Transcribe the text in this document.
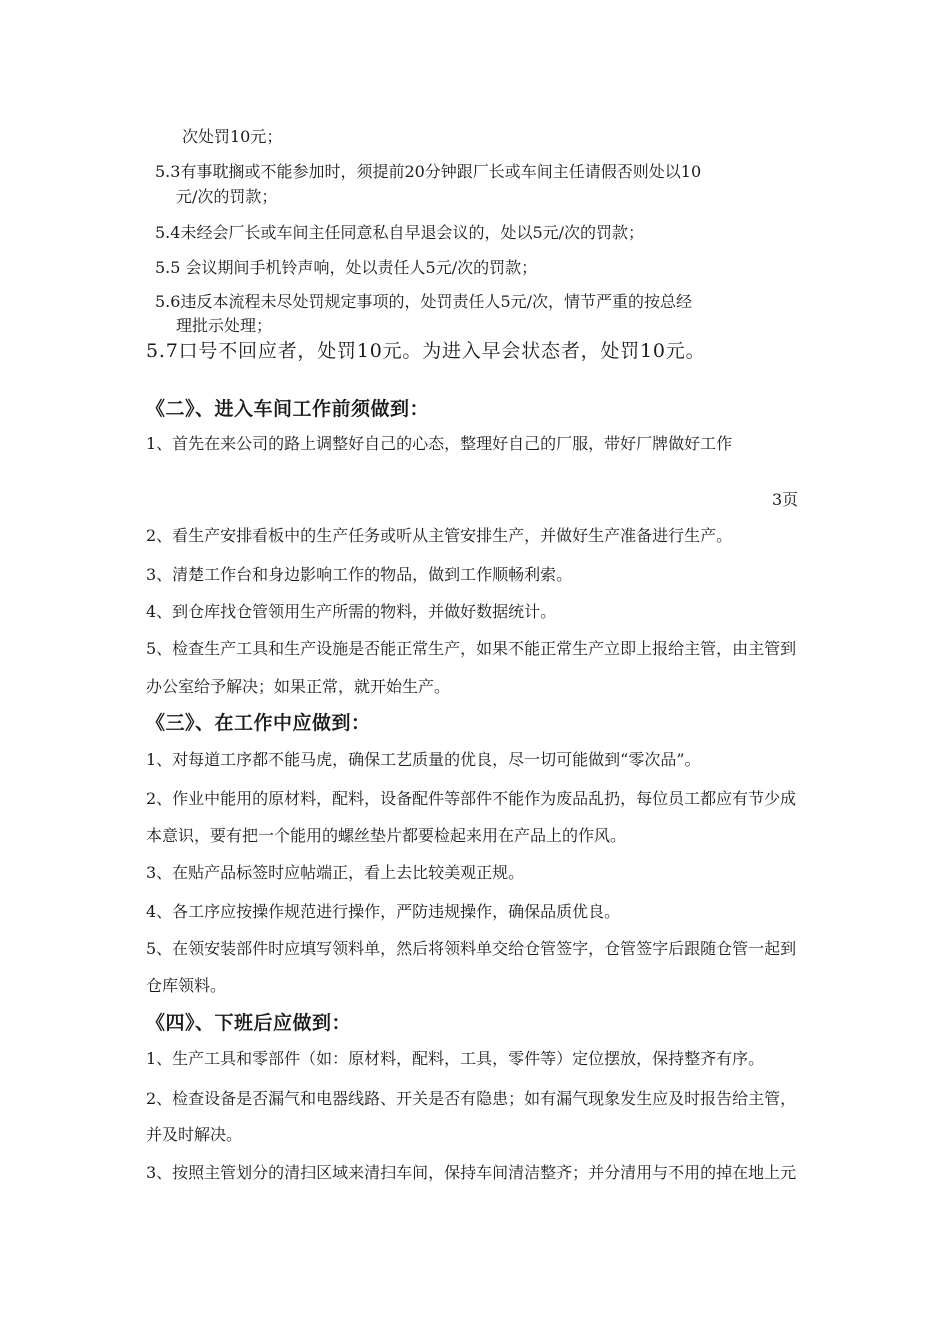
次处罚10元；
5.3有事耽搁或不能参加时，须提前20分钟跟厂长或车间主任请假否则处以10
元/次的罚款；
5.4未经会厂长或车间主任同意私自早退会议的，处以5元/次的罚款；
5.5 会议期间手机铃声响，处以责任人5元/次的罚款；
5.6违反本流程未尽处罚规定事项的，处罚责任人5元/次，情节严重的按总经
理批示处理；
5.7口号不回应者，处罚10元。为进入早会状态者，处罚10元。
《二》、进入车间工作前须做到：
1、首先在来公司的路上调整好自己的心态，整理好自己的厂服，带好厂牌做好工作
3页
2、看生产安排看板中的生产任务或听从主管安排生产，并做好生产准备进行生产。
3、清楚工作台和身边影响工作的物品，做到工作顺畅利索。
4、到仓库找仓管领用生产所需的物料，并做好数据统计。
5、检查生产工具和生产设施是否能正常生产，如果不能正常生产立即上报给主管，由主管到
办公室给予解决；如果正常，就开始生产。
《三》、在工作中应做到：
1、对每道工序都不能马虎，确保工艺质量的优良，尽一切可能做到“零次品”。
2、作业中能用的原材料，配料，设备配件等部件不能作为废品乱扔，每位员工都应有节少成
本意识，要有把一个能用的螺丝垫片都要检起来用在产品上的作风。
3、在贴产品标签时应帖端正，看上去比较美观正规。
4、各工序应按操作规范进行操作，严防违规操作，确保品质优良。
5、在领安装部件时应填写领料单，然后将领料单交给仓管签字，仓管签字后跟随仓管一起到
仓库领料。
《四》、下班后应做到：
1、生产工具和零部件（如：原材料，配料，工具，零件等）定位摆放，保持整齐有序。
2、检查设备是否漏气和电器线路、开关是否有隐患；如有漏气现象发生应及时报告给主管，
并及时解决。
3、按照主管划分的清扫区域来清扫车间，保持车间清洁整齐；并分清用与不用的掉在地上元
